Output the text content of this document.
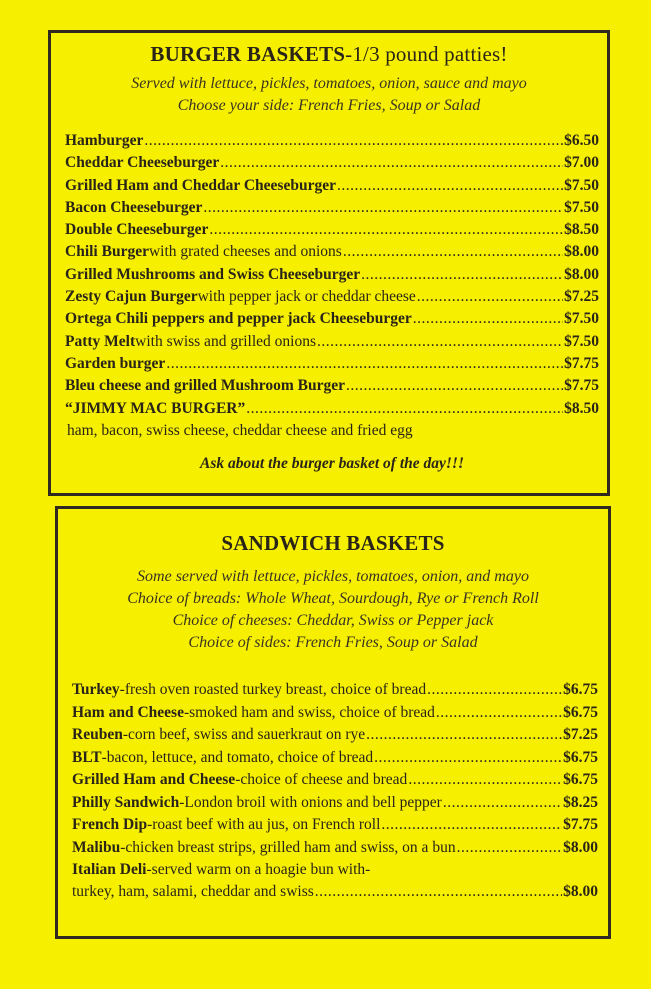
BURGER BASKETS-1/3 pound patties!
Served with lettuce, pickles, tomatoes, onion, sauce and mayo
Choose your side: French Fries, Soup or Salad
Hamburger .....	$6.50
Cheddar Cheeseburger .....	$7.00
Grilled Ham and Cheddar Cheeseburger .....	$7.50
Bacon Cheeseburger .....	$7.50
Double Cheeseburger .....	$8.50
Chili Burger with grated cheeses and onions .....	$8.00
Grilled Mushrooms and Swiss Cheeseburger .....	$8.00
Zesty Cajun Burger with pepper jack or cheddar cheese .....	$7.25
Ortega Chili peppers and pepper jack Cheeseburger .....	$7.50
Patty Melt with swiss and grilled onions .....	$7.50
Garden burger .....	$7.75
Bleu cheese and grilled Mushroom Burger .....	$7.75
“JIMMY MAC BURGER” .....	$8.50
ham, bacon, swiss cheese, cheddar cheese and fried egg
Ask about the burger basket of the day!!!
SANDWICH BASKETS
Some served with lettuce, pickles, tomatoes, onion, and mayo
Choice of breads: Whole Wheat, Sourdough, Rye or French Roll
Choice of cheeses: Cheddar, Swiss or Pepper jack
Choice of sides: French Fries, Soup or Salad
Turkey -fresh oven roasted turkey breast, choice of bread .....	$6.75
Ham and Cheese -smoked ham and swiss, choice of bread .....	$6.75
Reuben -corn beef, swiss and sauerkraut on rye .....	$7.25
BLT -bacon, lettuce, and tomato, choice of bread .....	$6.75
Grilled Ham and Cheese -choice of cheese and bread .....	$6.75
Philly Sandwich -London broil with onions and bell pepper .....	$8.25
French Dip -roast beef with au jus, on French roll .....	$7.75
Malibu -chicken breast strips, grilled ham and swiss, on a bun .....	$8.00
Italian Deli -served warm on a hoagie bun with-
turkey, ham, salami, cheddar and swiss .....	$8.00
